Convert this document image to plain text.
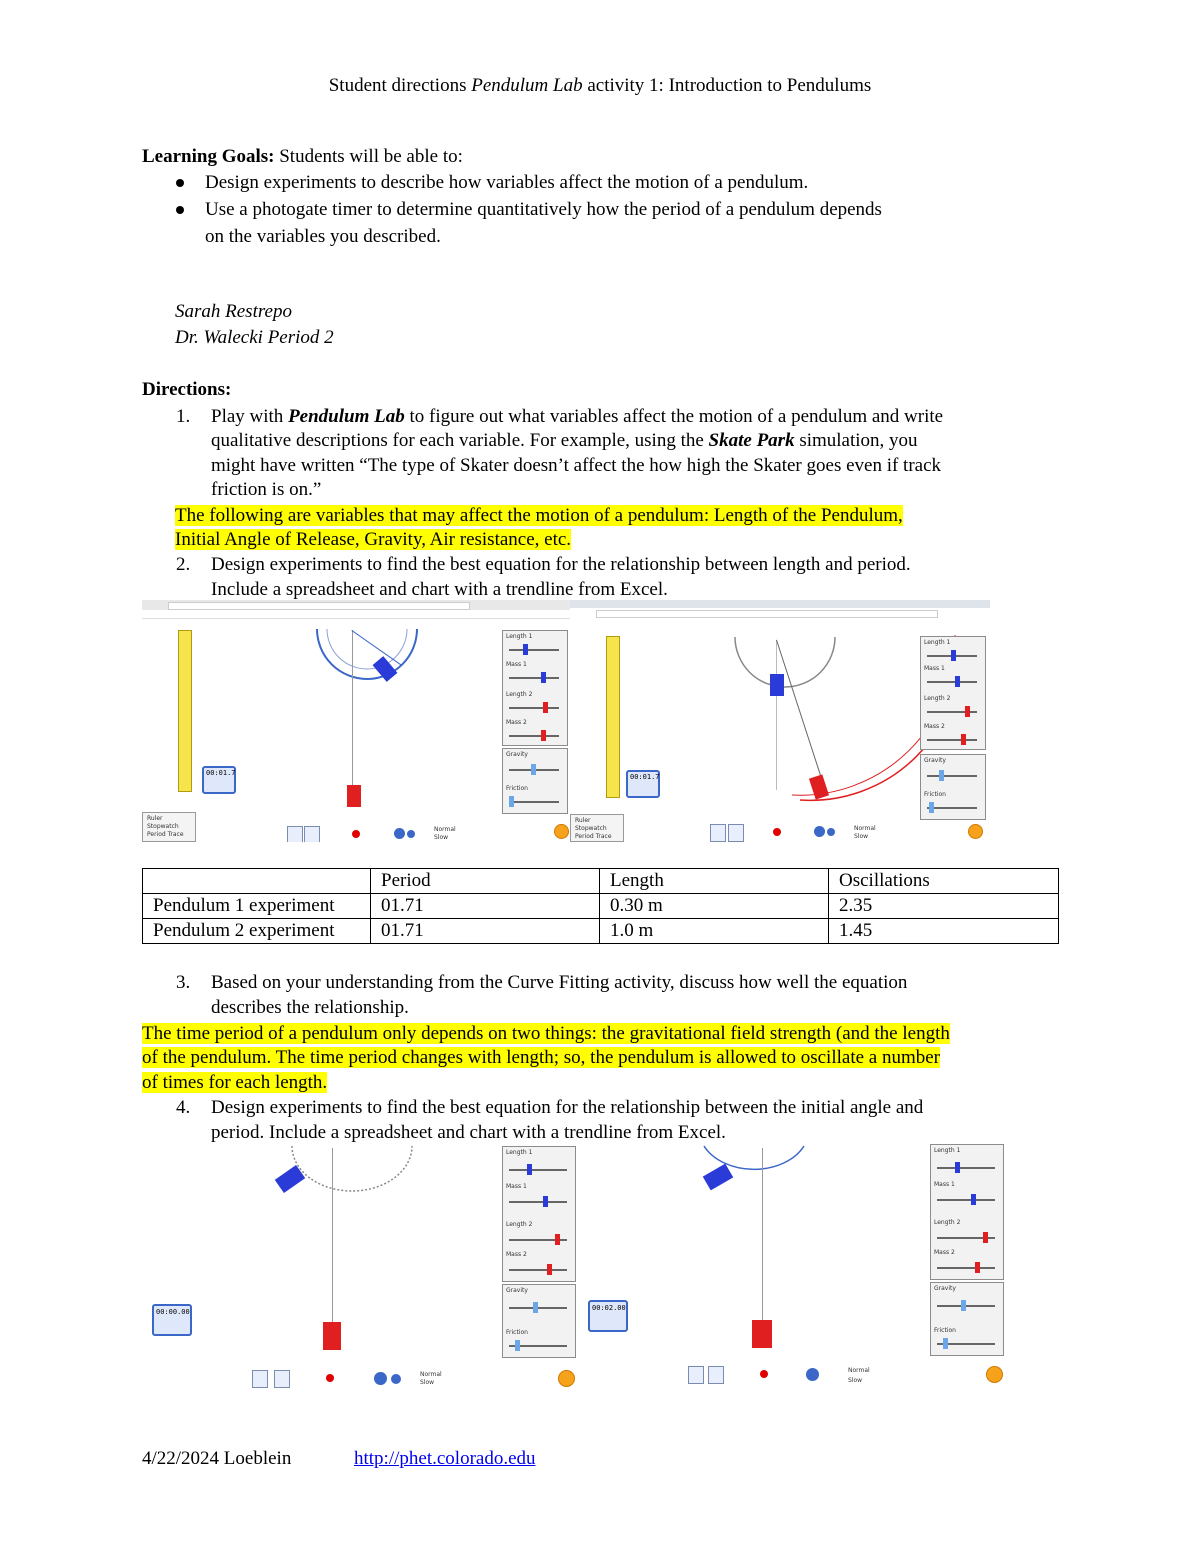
Student directions Pendulum Lab activity 1: Introduction to Pendulums
Learning Goals: Students will be able to:
Design experiments to describe how variables affect the motion of a pendulum.
Use a photogate timer to determine quantitatively how the period of a pendulum depends
on the variables you described.
Sarah Restrepo
Dr. Walecki Period 2
Directions:
1. Play with Pendulum Lab to figure out what variables affect the motion of a pendulum and write
qualitative descriptions for each variable. For example, using the Skate Park simulation, you
might have written “The type of Skater doesn’t affect the how high the Skater goes even if track
friction is on.”
The following are variables that may affect the motion of a pendulum: Length of the Pendulum,
Initial Angle of Release, Gravity, Air resistance, etc.
2. Design experiments to find the best equation for the relationship between length and period.
Include a spreadsheet and chart with a trendline from Excel.
00:01.7
Ruler
Stopwatch
Period Trace
Normal
Slow
Length 1
Mass 1
Length 2
Mass 2
Gravity
Friction
00:01.7
Ruler
Stopwatch
Period Trace
Normal
Slow
Length 1
Mass 1
Length 2
Mass 2
Gravity
Friction
	Period	Length	Oscillations
Pendulum 1 experiment	01.71	0.30 m	2.35
Pendulum 2 experiment	01.71	1.0 m	1.45
3. Based on your understanding from the Curve Fitting activity, discuss how well the equation
describes the relationship.
The time period of a pendulum only depends on two things: the gravitational field strength (and the length
of the pendulum. The time period changes with length; so, the pendulum is allowed to oscillate a number
of times for each length.
4. Design experiments to find the best equation for the relationship between the initial angle and
period. Include a spreadsheet and chart with a trendline from Excel.
00:00.00
Normal
Slow
Length 1
Mass 1
Length 2
Mass 2
Gravity
Friction
00:02.00
Normal
Slow
Length 1
Mass 1
Length 2
Mass 2
Gravity
Friction
4/22/2024 Loeblein	http://phet.colorado.edu
